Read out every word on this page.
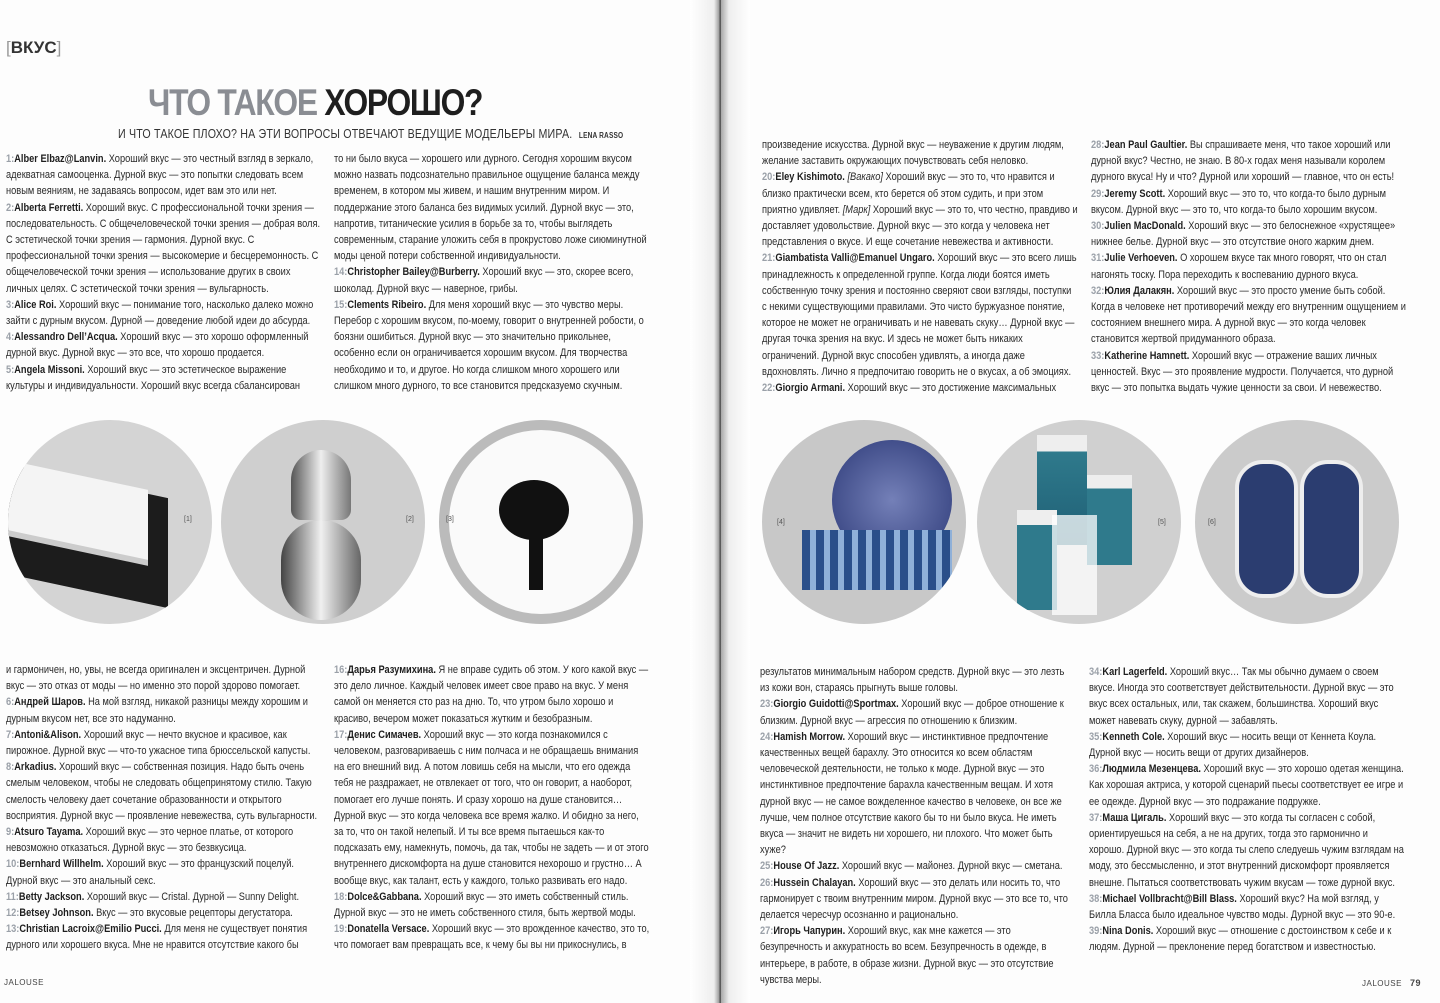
[ВКУС]
ЧТО ТАКОЕ ХОРОШО?
И ЧТО ТАКОЕ ПЛОХО? НА ЭТИ ВОПРОСЫ ОТВЕЧАЮТ ВЕДУЩИЕ МОДЕЛЬЕРЫ МИРА. LENA RASSO

1:Alber Elbaz@Lanvin. Хороший вкус — это честный взгляд в зеркало, адекватная самооценка. Дурной вкус — это попытки следовать всем новым веяниям, не задаваясь вопросом, идет вам это или нет.

2:Alberta Ferretti. Хороший вкус. С профессиональной точки зрения — последовательность. С общечеловеческой точки зрения — добрая воля. С эстетической точки зрения — гармония. Дурной вкус. С профессиональной точки зрения — высокомерие и бесцеремонность. С общечеловеческой точки зрения — использование других в своих личных целях. С эстетической точки зрения — вульгарность.

3:Alice Roi. Хороший вкус — понимание того, насколько далеко можно зайти с дурным вкусом. Дурной — доведение любой идеи до абсурда.

4:Alessandro Dell’Acqua. Хороший вкус — это хорошо оформленный дурной вкус. Дурной вкус — это все, что хорошо продается.

5:Angela Missoni. Хороший вкус — это эстетическое выражение культуры и индивидуальности. Хороший вкус всегда сбалансирован

то ни было вкуса — хорошего или дурного. Сегодня хорошим вкусом можно назвать подсознательно правильное ощущение баланса между временем, в котором мы живем, и нашим внутренним миром. И поддержание этого баланса без видимых усилий. Дурной вкус — это, напротив, титанические усилия в борьбе за то, чтобы выглядеть современным, старание уложить себя в прокрустово ложе сиюминутной моды ценой потери собственной индивидуальности.

14:Christopher Bailey@Burberry. Хороший вкус — это, скорее всего, шоколад. Дурной вкус — наверное, грибы.

15:Clements Ribeiro. Для меня хороший вкус — это чувство меры. Перебор с хорошим вкусом, по-моему, говорит о внутренней робости, о боязни ошибиться. Дурной вкус — это значительно прикольнее, особенно если он ограничивается хорошим вкусом. Для творчества необходимо и то, и другое. Но когда слишком много хорошего или слишком много дурного, то все становится предсказуемо скучным.

и гармоничен, но, увы, не всегда оригинален и эксцентричен. Дурной вкус — это отказ от моды — но именно это порой здорово помогает.

6:Андрей Шаров. На мой взгляд, никакой разницы между хорошим и дурным вкусом нет, все это надуманно.

7:Antoni&Alison. Хороший вкус — нечто вкусное и красивое, как пирожное. Дурной вкус — что-то ужасное типа брюссельской капусты.

8:Arkadius. Хороший вкус — собственная позиция. Надо быть очень смелым человеком, чтобы не следовать общепринятому стилю. Такую смелость человеку дает сочетание образованности и открытого восприятия. Дурной вкус — проявление невежества, суть вульгарности.

9:Atsuro Tayama. Хороший вкус — это черное платье, от которого невозможно отказаться. Дурной вкус — это безвкусица.

10:Bernhard Willhelm. Хороший вкус — это французский поцелуй. Дурной вкус — это анальный секс.

11:Betty Jackson. Хороший вкус — Cristal. Дурной — Sunny Delight.

12:Betsey Johnson. Вкус — это вкусовые рецепторы дегустатора.

13:Christian Lacroix@Emilio Pucci. Для меня не существует понятия дурного или хорошего вкуса. Мне не нравится отсутствие какого бы

16:Дарья Разумихина. Я не вправе судить об этом. У кого какой вкус — это дело личное. Каждый человек имеет свое право на вкус. У меня самой он меняется сто раз на дню. То, что утром было хорошо и красиво, вечером может показаться жутким и безобразным.

17:Денис Симачев. Хороший вкус — это когда познакомился с человеком, разговариваешь с ним полчаса и не обращаешь внимания на его внешний вид. А потом ловишь себя на мысли, что его одежда тебя не раздражает, не отвлекает от того, что он говорит, а наоборот, помогает его лучше понять. И сразу хорошо на душе становится… Дурной вкус — это когда человека все время жалко. И обидно за него, за то, что он такой нелепый. И ты все время пытаешься как-то подсказать ему, намекнуть, помочь, да так, чтобы не задеть — и от этого внутреннего дискомфорта на душе становится нехорошо и грустно… А вообще вкус, как талант, есть у каждого, только развивать его надо.

18:Dolce&Gabbana. Хороший вкус — это иметь собственный стиль. Дурной вкус — это не иметь собственного стиля, быть жертвой моды.

19:Donatella Versace. Хороший вкус — это врожденное качество, это то, что помогает вам превращать все, к чему бы вы ни прикоснулись, в

произведение искусства. Дурной вкус — неуважение к другим людям, желание заставить окружающих почувствовать себя неловко.

20:Eley Kishimoto. [Вакако] Хороший вкус — это то, что нравится и близко практически всем, кто берется об этом судить, и при этом приятно удивляет. [Марк] Хороший вкус — это то, что честно, правдиво и доставляет удовольствие. Дурной вкус — это когда у человека нет представления о вкусе. И еще сочетание невежества и активности.

21:Giambatista Valli@Emanuel Ungaro. Хороший вкус — это всего лишь принадлежность к определенной группе. Когда люди боятся иметь собственную точку зрения и постоянно сверяют свои взгляды, поступки с некими существующими правилами. Это чисто буржуазное понятие, которое не может не ограничивать и не навевать скуку… Дурной вкус — другая точка зрения на вкус. И здесь не может быть никаких ограничений. Дурной вкус способен удивлять, а иногда даже вдохновлять. Лично я предпочитаю говорить не о вкусах, а об эмоциях.

22:Giorgio Armani. Хороший вкус — это достижение максимальных

28:Jean Paul Gaultier. Вы спрашиваете меня, что такое хороший или дурной вкус? Честно, не знаю. В 80-х годах меня называли королем дурного вкуса! Ну и что? Дурной или хороший — главное, что он есть!

29:Jeremy Scott. Хороший вкус — это то, что когда-то было дурным вкусом. Дурной вкус — это то, что когда-то было хорошим вкусом.

30:Julien MacDonald. Хороший вкус — это белоснежное «хрустящее» нижнее белье. Дурной вкус — это отсутствие оного жарким днем.

31:Julie Verhoeven. О хорошем вкусе так много говорят, что он стал нагонять тоску. Пора переходить к воспеванию дурного вкуса.

32:Юлия Далакян. Хороший вкус — это просто умение быть собой. Когда в человеке нет противоречий между его внутренним ощущением и состоянием внешнего мира. А дурной вкус — это когда человек становится жертвой придуманного образа.

33:Katherine Hamnett. Хороший вкус — отражение ваших личных ценностей. Вкус — это проявление мудрости. Получается, что дурной вкус — это попытка выдать чужие ценности за свои. И невежество.

результатов минимальным набором средств. Дурной вкус — это лезть из кожи вон, стараясь прыгнуть выше головы.

23:Giorgio Guidotti@Sportmax. Хороший вкус — доброе отношение к близким. Дурной вкус — агрессия по отношению к близким.

24:Hamish Morrow. Хороший вкус — инстинктивное предпочтение качественных вещей барахлу. Это относится ко всем областям человеческой деятельности, не только к моде. Дурной вкус — это инстинктивное предпочтение барахла качественным вещам. И хотя дурной вкус — не самое вожделенное качество в человеке, он все же лучше, чем полное отсутствие какого бы то ни было вкуса. Не иметь вкуса — значит не видеть ни хорошего, ни плохого. Что может быть хуже?

25:House Of Jazz. Хороший вкус — майонез. Дурной вкус — сметана.

26:Hussein Chalayan. Хороший вкус — это делать или носить то, что гармонирует с твоим внутренним миром. Дурной вкус — это все то, что делается чересчур осознанно и рационально.

27:Игорь Чапурин. Хороший вкус, как мне кажется — это безупречность и аккуратность во всем. Безупречность в одежде, в интерьере, в работе, в образе жизни. Дурной вкус — это отсутствие чувства меры.

34:Karl Lagerfeld. Хороший вкус… Так мы обычно думаем о своем вкусе. Иногда это соответствует действительности. Дурной вкус — это вкус всех остальных, или, так скажем, большинства. Хороший вкус может навевать скуку, дурной — забавлять.

35:Kenneth Cole. Хороший вкус — носить вещи от Кеннета Коула. Дурной вкус — носить вещи от других дизайнеров.

36:Людмила Мезенцева. Хороший вкус — это хорошо одетая женщина. Как хорошая актриса, у которой сценарий пьесы соответствует ее игре и ее одежде. Дурной вкус — это подражание подружке.

37:Маша Цигаль. Хороший вкус — это когда ты согласен с собой, ориентируешься на себя, а не на других, тогда это гармонично и хорошо. Дурной вкус — это когда ты слепо следуешь чужим взглядам на моду, это бессмысленно, и этот внутренний дискомфорт проявляется внешне. Пытаться соответствовать чужим вкусам — тоже дурной вкус.

38:Michael Vollbracht@Bill Blass. Хороший вкус? На мой взгляд, у Билла Бласса было идеальное чувство моды. Дурной вкус — это 90-е.

39:Nina Donis. Хороший вкус — отношение с достоинством к себе и к людям. Дурной — преклонение перед богатством и известностью.

[1]	[2]	[3]	[4]	[5]	[6]
JALOUSE	JALOUSE 79
